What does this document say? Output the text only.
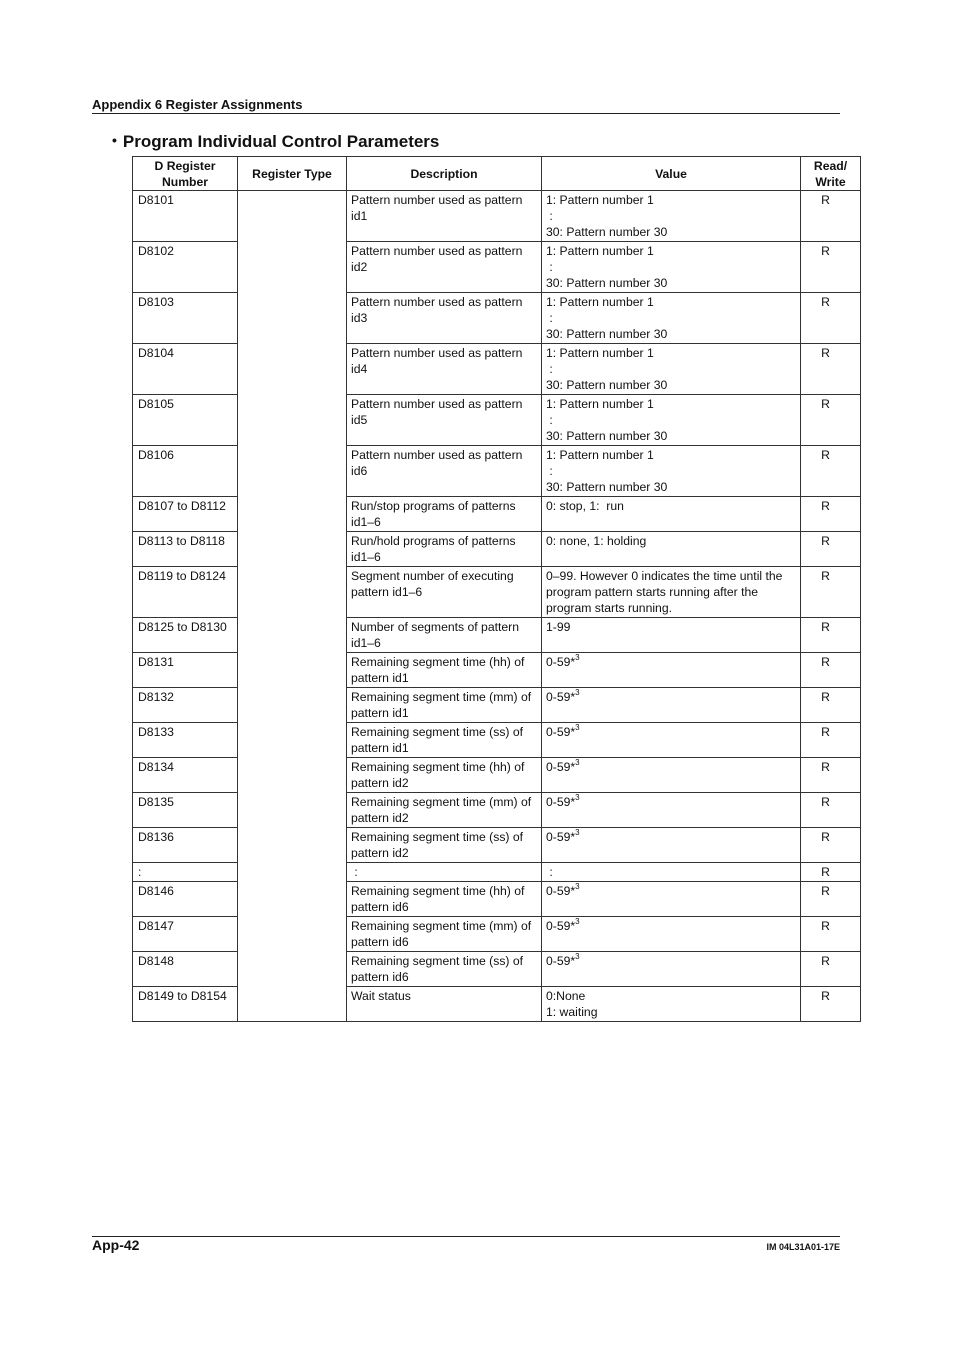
Appendix 6 Register Assignments
• Program Individual Control Parameters
D Register Number	Register Type	Description	Value	Read/ Write
D8101		Pattern number used as pattern id1	1: Pattern number 1
:
30: Pattern number 30	R
D8102		Pattern number used as pattern id2	1: Pattern number 1
:
30: Pattern number 30	R
D8103		Pattern number used as pattern id3	1: Pattern number 1
:
30: Pattern number 30	R
D8104		Pattern number used as pattern id4	1: Pattern number 1
:
30: Pattern number 30	R
D8105		Pattern number used as pattern id5	1: Pattern number 1
:
30: Pattern number 30	R
D8106		Pattern number used as pattern id6	1: Pattern number 1
:
30: Pattern number 30	R
D8107 to D8112		Run/stop programs of patterns id1–6	0: stop, 1:  run	R
D8113 to D8118		Run/hold programs of patterns id1–6	0: none, 1: holding	R
D8119 to D8124		Segment number of executing pattern id1–6	0–99. However 0 indicates the time until the program pattern starts running after the program starts running.	R
D8125 to D8130		Number of segments of pattern id1–6	1-99	R
D8131		Remaining segment time (hh) of pattern id1	0-59*$^3$	R
D8132		Remaining segment time (mm) of pattern id1	0-59*$^3$	R
D8133		Remaining segment time (ss) of pattern id1	0-59*$^3$	R
D8134		Remaining segment time (hh) of pattern id2	0-59*$^3$	R
D8135		Remaining segment time (mm) of pattern id2	0-59*$^3$	R
D8136		Remaining segment time (ss) of pattern id2	0-59*$^3$	R
:		:	:	R
D8146		Remaining segment time (hh) of pattern id6	0-59*$^3$	R
D8147		Remaining segment time (mm) of pattern id6	0-59*$^3$	R
D8148		Remaining segment time (ss) of pattern id6	0-59*$^3$	R
D8149 to D8154		Wait status	0:None
1: waiting	R
App-42	IM 04L31A01-17E
